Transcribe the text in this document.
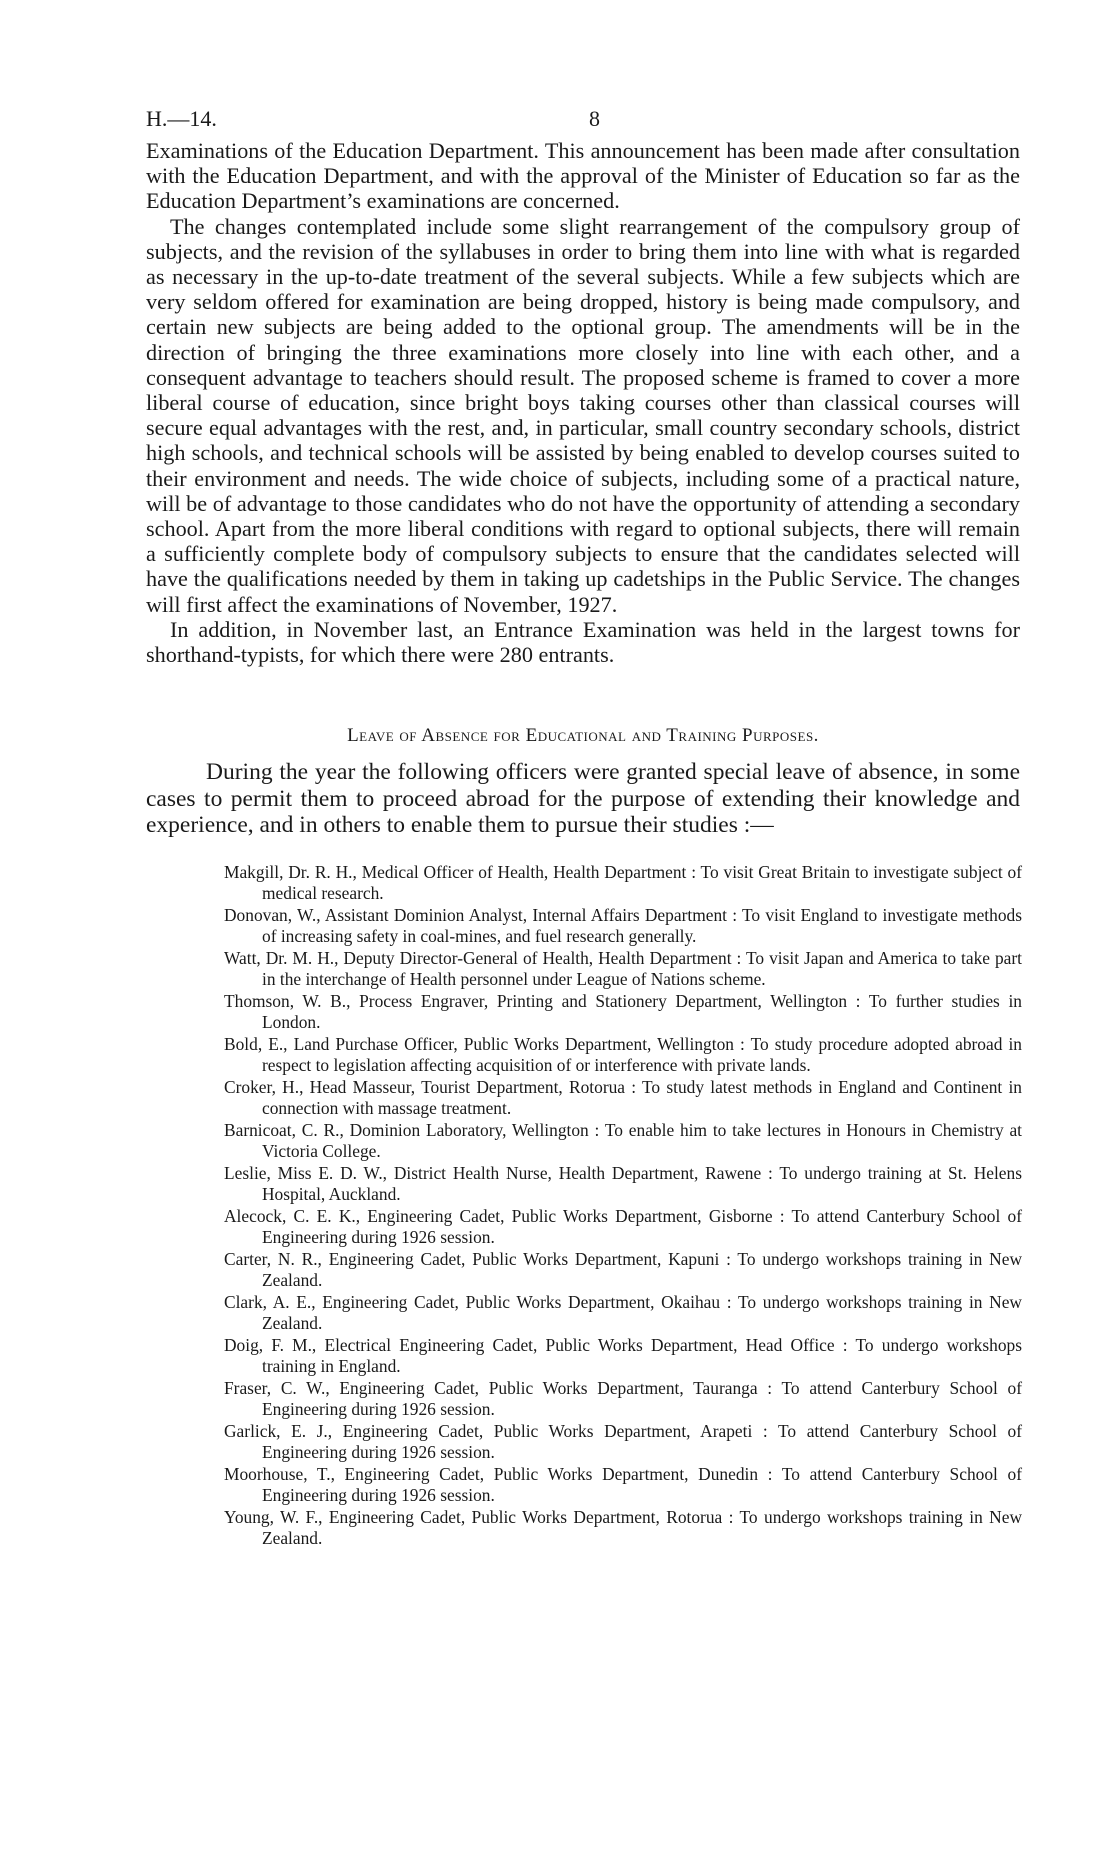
H.—14.	8

Examinations of the Education Department. This announcement has been made after consultation with the Education Department, and with the approval of the Minister of Education so far as the Education Department’s examinations are concerned.

The changes contemplated include some slight rearrangement of the compulsory group of subjects, and the revision of the syllabuses in order to bring them into line with what is regarded as necessary in the up-to-date treatment of the several subjects. While a few subjects which are very seldom offered for examination are being dropped, history is being made compulsory, and certain new subjects are being added to the optional group. The amendments will be in the direction of bringing the three examinations more closely into line with each other, and a consequent advantage to teachers should result. The proposed scheme is framed to cover a more liberal course of education, since bright boys taking courses other than classical courses will secure equal advantages with the rest, and, in particular, small country secondary schools, district high schools, and technical schools will be assisted by being enabled to develop courses suited to their environment and needs. The wide choice of subjects, including some of a practical nature, will be of advantage to those candidates who do not have the opportunity of attending a secondary school. Apart from the more liberal conditions with regard to optional subjects, there will remain a sufficiently complete body of compulsory subjects to ensure that the candidates selected will have the qualifications needed by them in taking up cadetships in the Public Service. The changes will first affect the examinations of November, 1927.

In addition, in November last, an Entrance Examination was held in the largest towns for shorthand-typists, for which there were 280 entrants.

Leave of Absence for Educational and Training Purposes.

During the year the following officers were granted special leave of absence, in some cases to permit them to proceed abroad for the purpose of extending their knowledge and experience, and in others to enable them to pursue their studies :—

Makgill, Dr. R. H., Medical Officer of Health, Health Department : To visit Great Britain to investigate subject of medical research.
Donovan, W., Assistant Dominion Analyst, Internal Affairs Department : To visit England to investigate methods of increasing safety in coal-mines, and fuel research generally.
Watt, Dr. M. H., Deputy Director-General of Health, Health Department : To visit Japan and America to take part in the interchange of Health personnel under League of Nations scheme.
Thomson, W. B., Process Engraver, Printing and Stationery Department, Wellington : To further studies in London.
Bold, E., Land Purchase Officer, Public Works Department, Wellington : To study procedure adopted abroad in respect to legislation affecting acquisition of or interference with private lands.
Croker, H., Head Masseur, Tourist Department, Rotorua : To study latest methods in England and Continent in connection with massage treatment.
Barnicoat, C. R., Dominion Laboratory, Wellington : To enable him to take lectures in Honours in Chemistry at Victoria College.
Leslie, Miss E. D. W., District Health Nurse, Health Department, Rawene : To undergo training at St. Helens Hospital, Auckland.
Alecock, C. E. K., Engineering Cadet, Public Works Department, Gisborne : To attend Canterbury School of Engineering during 1926 session.
Carter, N. R., Engineering Cadet, Public Works Department, Kapuni : To undergo workshops training in New Zealand.
Clark, A. E., Engineering Cadet, Public Works Department, Okaihau : To undergo workshops training in New Zealand.
Doig, F. M., Electrical Engineering Cadet, Public Works Department, Head Office : To undergo workshops training in England.
Fraser, C. W., Engineering Cadet, Public Works Department, Tauranga : To attend Canterbury School of Engineering during 1926 session.
Garlick, E. J., Engineering Cadet, Public Works Department, Arapeti : To attend Canterbury School of Engineering during 1926 session.
Moorhouse, T., Engineering Cadet, Public Works Department, Dunedin : To attend Canterbury School of Engineering during 1926 session.
Young, W. F., Engineering Cadet, Public Works Department, Rotorua : To undergo workshops training in New Zealand.
